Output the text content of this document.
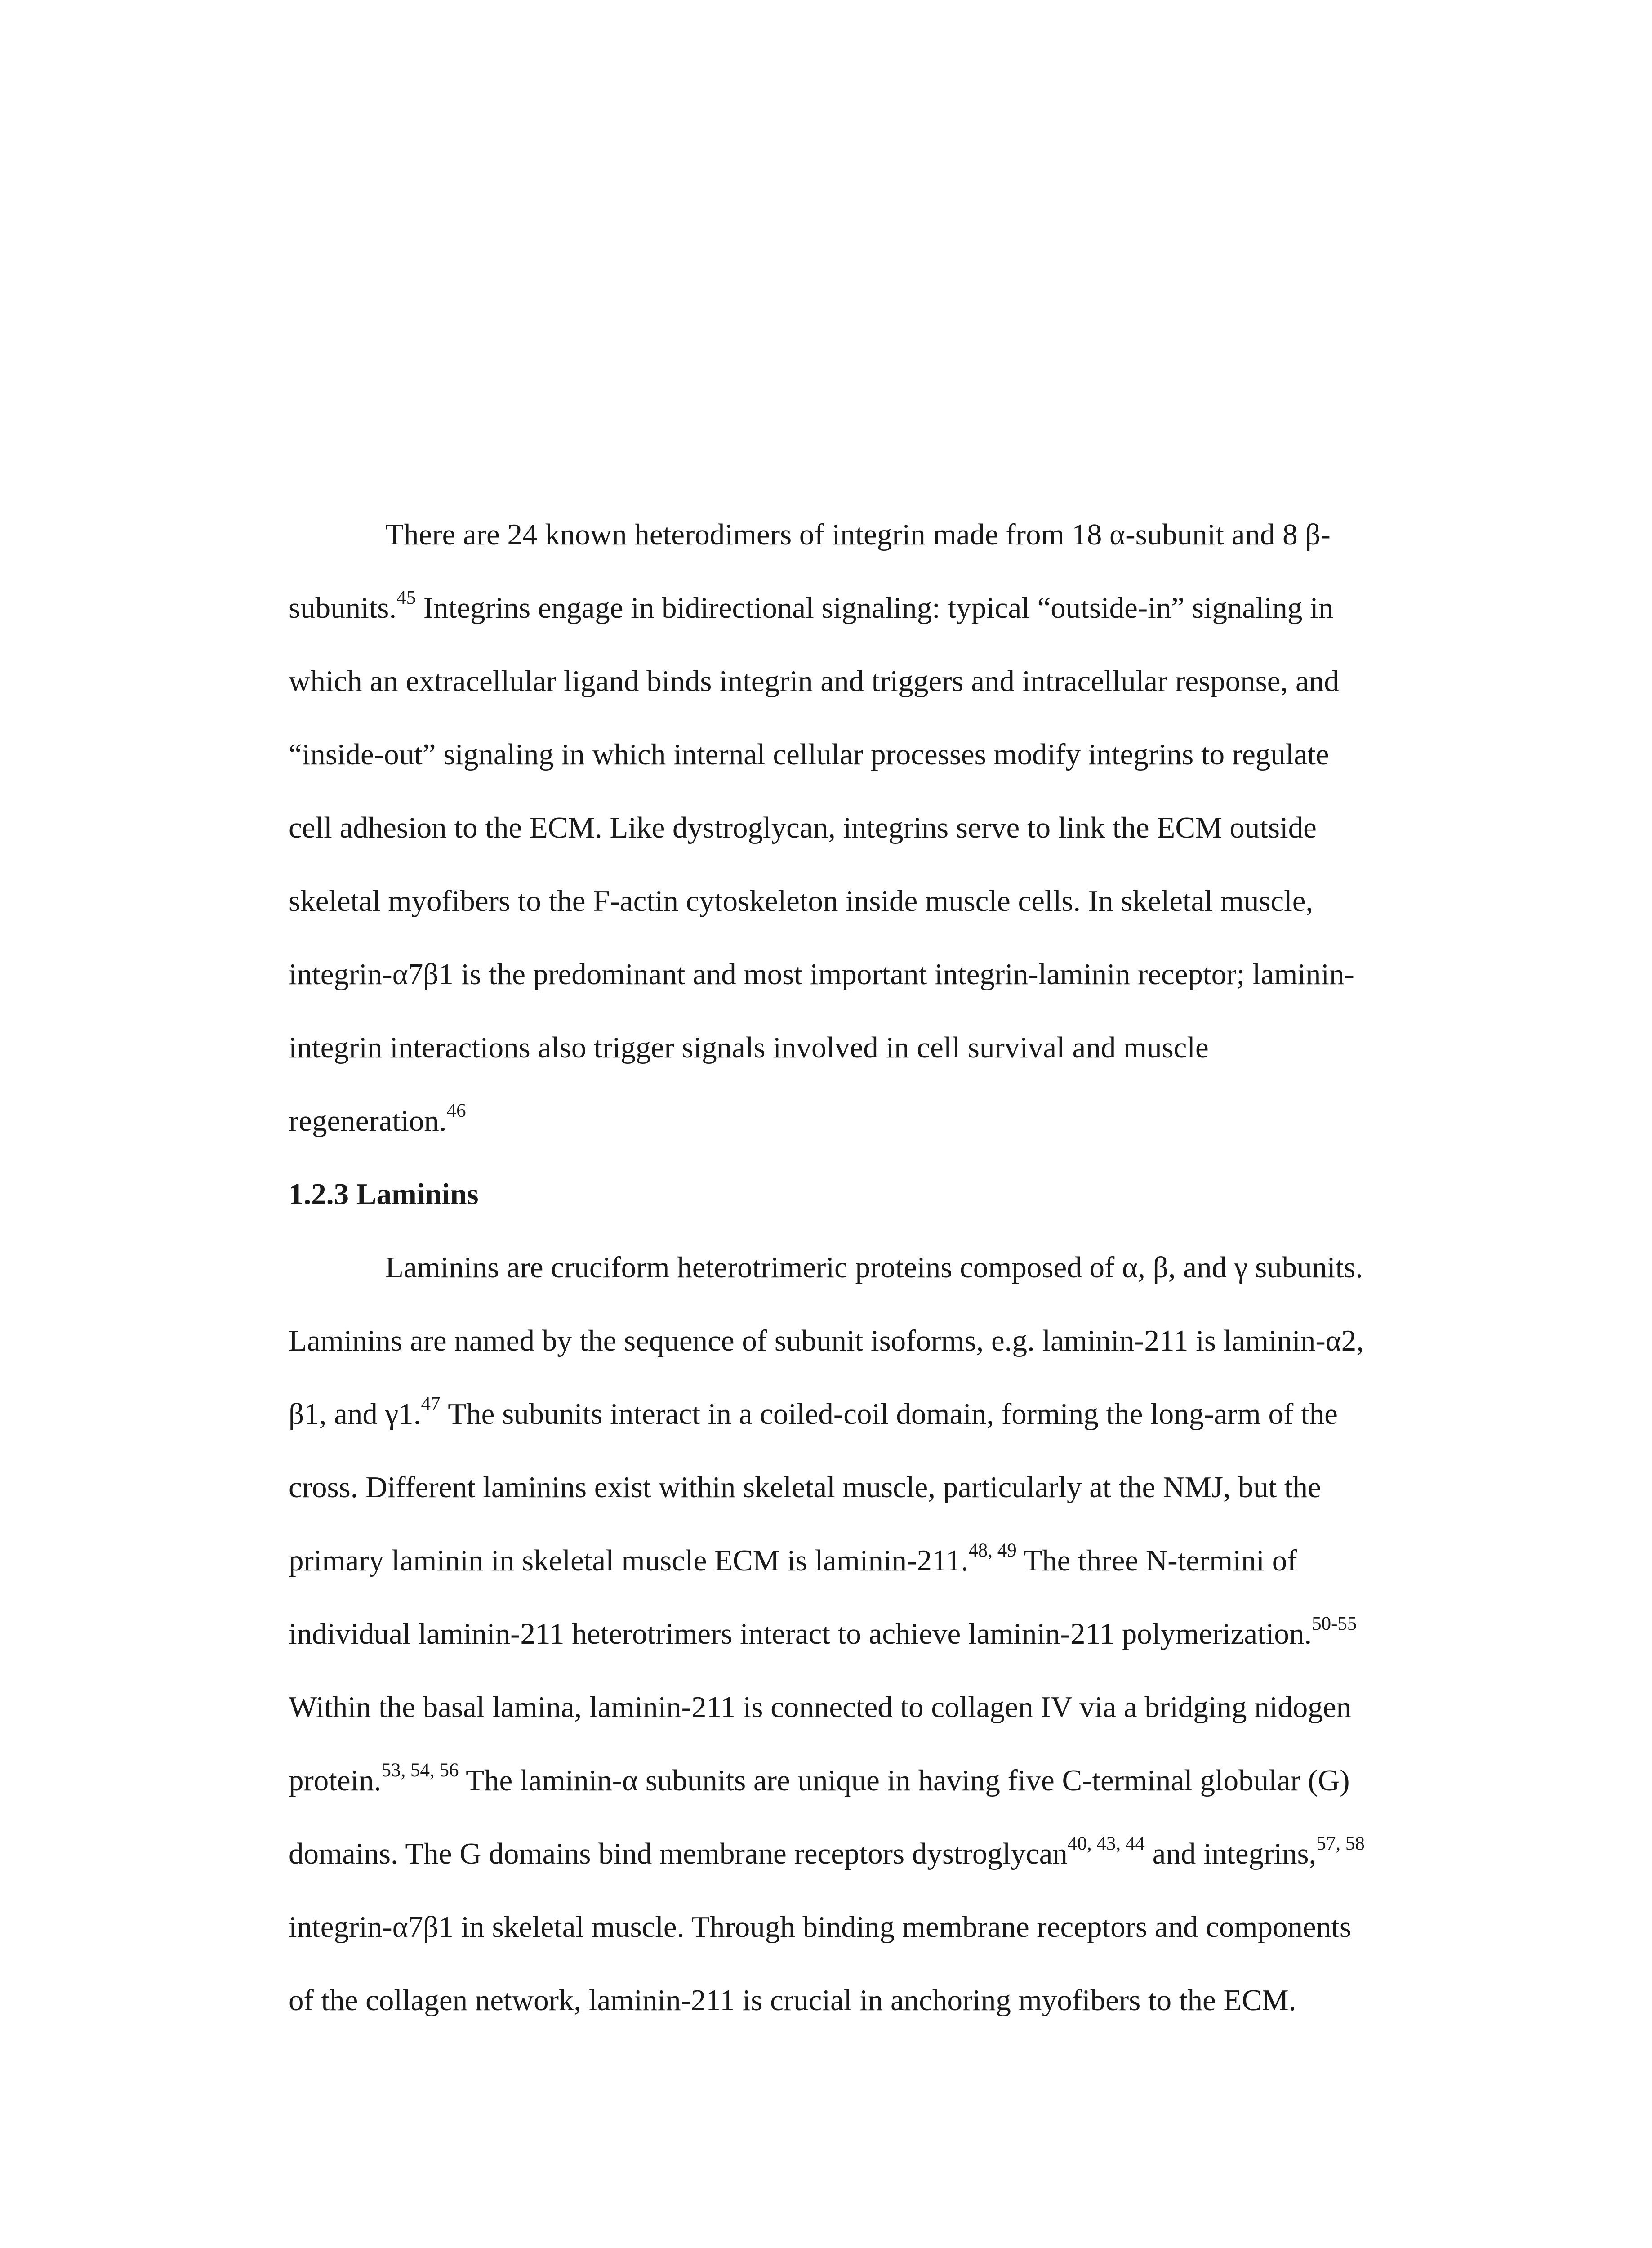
There are 24 known heterodimers of integrin made from 18 α-subunit and 8 β-
subunits.$^{45}$ Integrins engage in bidirectional signaling: typical “outside-in” signaling in
which an extracellular ligand binds integrin and triggers and intracellular response, and
“inside-out” signaling in which internal cellular processes modify integrins to regulate
cell adhesion to the ECM. Like dystroglycan, integrins serve to link the ECM outside
skeletal myofibers to the F-actin cytoskeleton inside muscle cells. In skeletal muscle,
integrin-α7β1 is the predominant and most important integrin-laminin receptor; laminin-
integrin interactions also trigger signals involved in cell survival and muscle
regeneration.$^{46}$
1.2.3 Laminins
Laminins are cruciform heterotrimeric proteins composed of α, β, and γ subunits.
Laminins are named by the sequence of subunit isoforms, e.g. laminin-211 is laminin-α2,
β1, and γ1.47 The subunits interact in a coiled-coil domain, forming the long-arm of the
cross. Different laminins exist within skeletal muscle, particularly at the NMJ, but the
primary laminin in skeletal muscle ECM is laminin-211.$^{48, 49}$ The three N-termini of
individual laminin-211 heterotrimers interact to achieve laminin-211 polymerization.$^{50-55}$
Within the basal lamina, laminin-211 is connected to collagen IV via a bridging nidogen
protein.$^{53, 54, 56}$ The laminin-α subunits are unique in having five C-terminal globular (G)
domains. The G domains bind membrane receptors dystroglycan$^{40, 43, 44}$ and integrins,$^{57, 58}$
integrin-α7β1 in skeletal muscle. Through binding membrane receptors and components
of the collagen network, laminin-211 is crucial in anchoring myofibers to the ECM.
